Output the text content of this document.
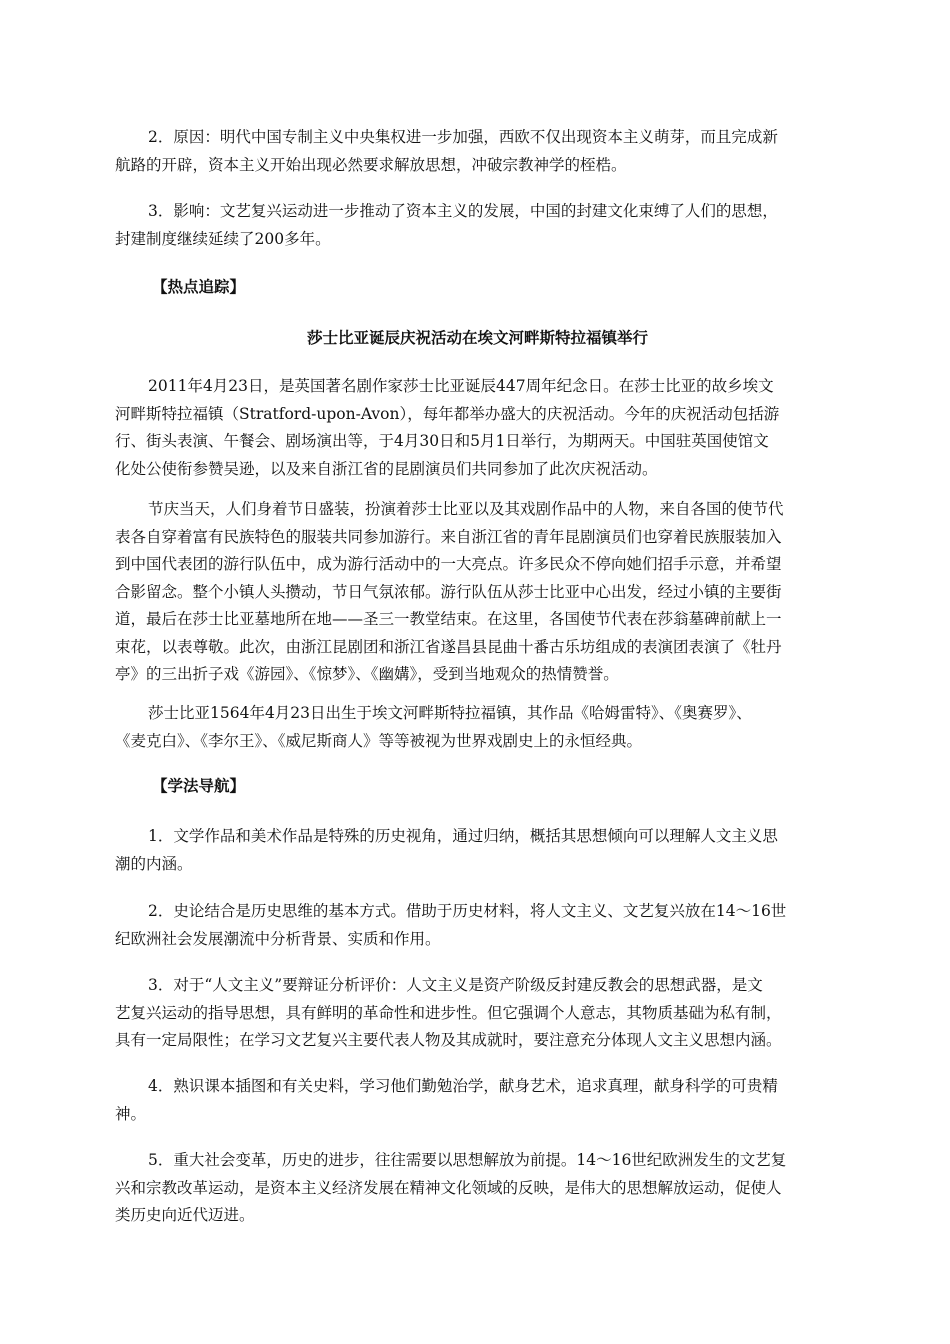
2．原因：明代中国专制主义中央集权进一步加强，西欧不仅出现资本主义萌芽，而且完成新

航路的开辟，资本主义开始出现必然要求解放思想，冲破宗教神学的桎梏。

3．影响：文艺复兴运动进一步推动了资本主义的发展，中国的封建文化束缚了人们的思想，

封建制度继续延续了200多年。

【热点追踪】
莎士比亚诞辰庆祝活动在埃文河畔斯特拉福镇举行

2011年4月23日，是英国著名剧作家莎士比亚诞辰447周年纪念日。在莎士比亚的故乡埃文

河畔斯特拉福镇（Stratford-upon-Avon），每年都举办盛大的庆祝活动。今年的庆祝活动包括游

行、街头表演、午餐会、剧场演出等，于4月30日和5月1日举行，为期两天。中国驻英国使馆文

化处公使衔参赞吴逊，以及来自浙江省的昆剧演员们共同参加了此次庆祝活动。

节庆当天，人们身着节日盛装，扮演着莎士比亚以及其戏剧作品中的人物，来自各国的使节代

表各自穿着富有民族特色的服装共同参加游行。来自浙江省的青年昆剧演员们也穿着民族服装加入

到中国代表团的游行队伍中，成为游行活动中的一大亮点。许多民众不停向她们招手示意，并希望

合影留念。整个小镇人头攒动，节日气氛浓郁。游行队伍从莎士比亚中心出发，经过小镇的主要街

道，最后在莎士比亚墓地所在地——圣三一教堂结束。在这里，各国使节代表在莎翁墓碑前献上一

束花，以表尊敬。此次，由浙江昆剧团和浙江省遂昌县昆曲十番古乐坊组成的表演团表演了《牡丹

亭》的三出折子戏《游园》、《惊梦》、《幽媾》，受到当地观众的热情赞誉。

莎士比亚1564年4月23日出生于埃文河畔斯特拉福镇，其作品《哈姆雷特》、《奥赛罗》、

《麦克白》、《李尔王》、《威尼斯商人》等等被视为世界戏剧史上的永恒经典。

【学法导航】

1．文学作品和美术作品是特殊的历史视角，通过归纳，概括其思想倾向可以理解人文主义思

潮的内涵。

2．史论结合是历史思维的基本方式。借助于历史材料，将人文主义、文艺复兴放在14～16世

纪欧洲社会发展潮流中分析背景、实质和作用。

3．对于“人文主义”要辩证分析评价：人文主义是资产阶级反封建反教会的思想武器，是文

艺复兴运动的指导思想，具有鲜明的革命性和进步性。但它强调个人意志，其物质基础为私有制，

具有一定局限性；在学习文艺复兴主要代表人物及其成就时，要注意充分体现人文主义思想内涵。

4．熟识课本插图和有关史料，学习他们勤勉治学，献身艺术，追求真理，献身科学的可贵精

神。

5．重大社会变革，历史的进步，往往需要以思想解放为前提。14～16世纪欧洲发生的文艺复

兴和宗教改革运动，是资本主义经济发展在精神文化领域的反映，是伟大的思想解放运动，促使人

类历史向近代迈进。
